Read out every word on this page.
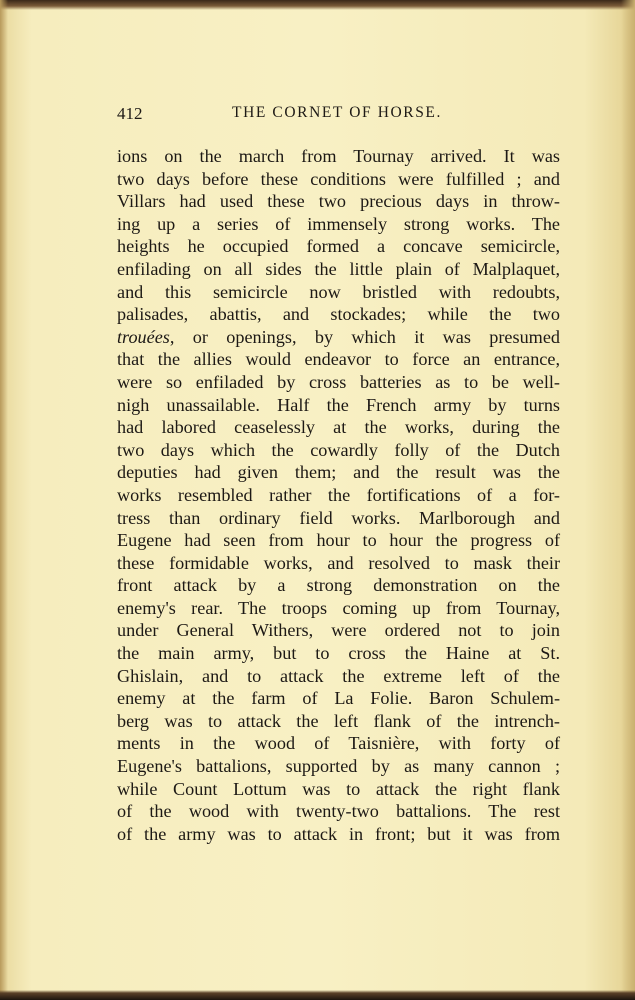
412	THE CORNET OF HORSE.
ions on the march from Tournay arrived. It was
two days before these conditions were fulfilled ; and
Villars had used these two precious days in throw-
ing up a series of immensely strong works. The
heights he occupied formed a concave semicircle,
enfilading on all sides the little plain of Malplaquet,
and this semicircle now bristled with redoubts,
palisades, abattis, and stockades; while the two
trouées, or openings, by which it was presumed
that the allies would endeavor to force an entrance,
were so enfiladed by cross batteries as to be well-
nigh unassailable. Half the French army by turns
had labored ceaselessly at the works, during the
two days which the cowardly folly of the Dutch
deputies had given them; and the result was the
works resembled rather the fortifications of a for-
tress than ordinary field works. Marlborough and
Eugene had seen from hour to hour the progress of
these formidable works, and resolved to mask their
front attack by a strong demonstration on the
enemy's rear. The troops coming up from Tournay,
under General Withers, were ordered not to join
the main army, but to cross the Haine at St.
Ghislain, and to attack the extreme left of the
enemy at the farm of La Folie. Baron Schulem-
berg was to attack the left flank of the intrench-
ments in the wood of Taisnière, with forty of
Eugene's battalions, supported by as many cannon ;
while Count Lottum was to attack the right flank
of the wood with twenty-two battalions. The rest
of the army was to attack in front; but it was from
